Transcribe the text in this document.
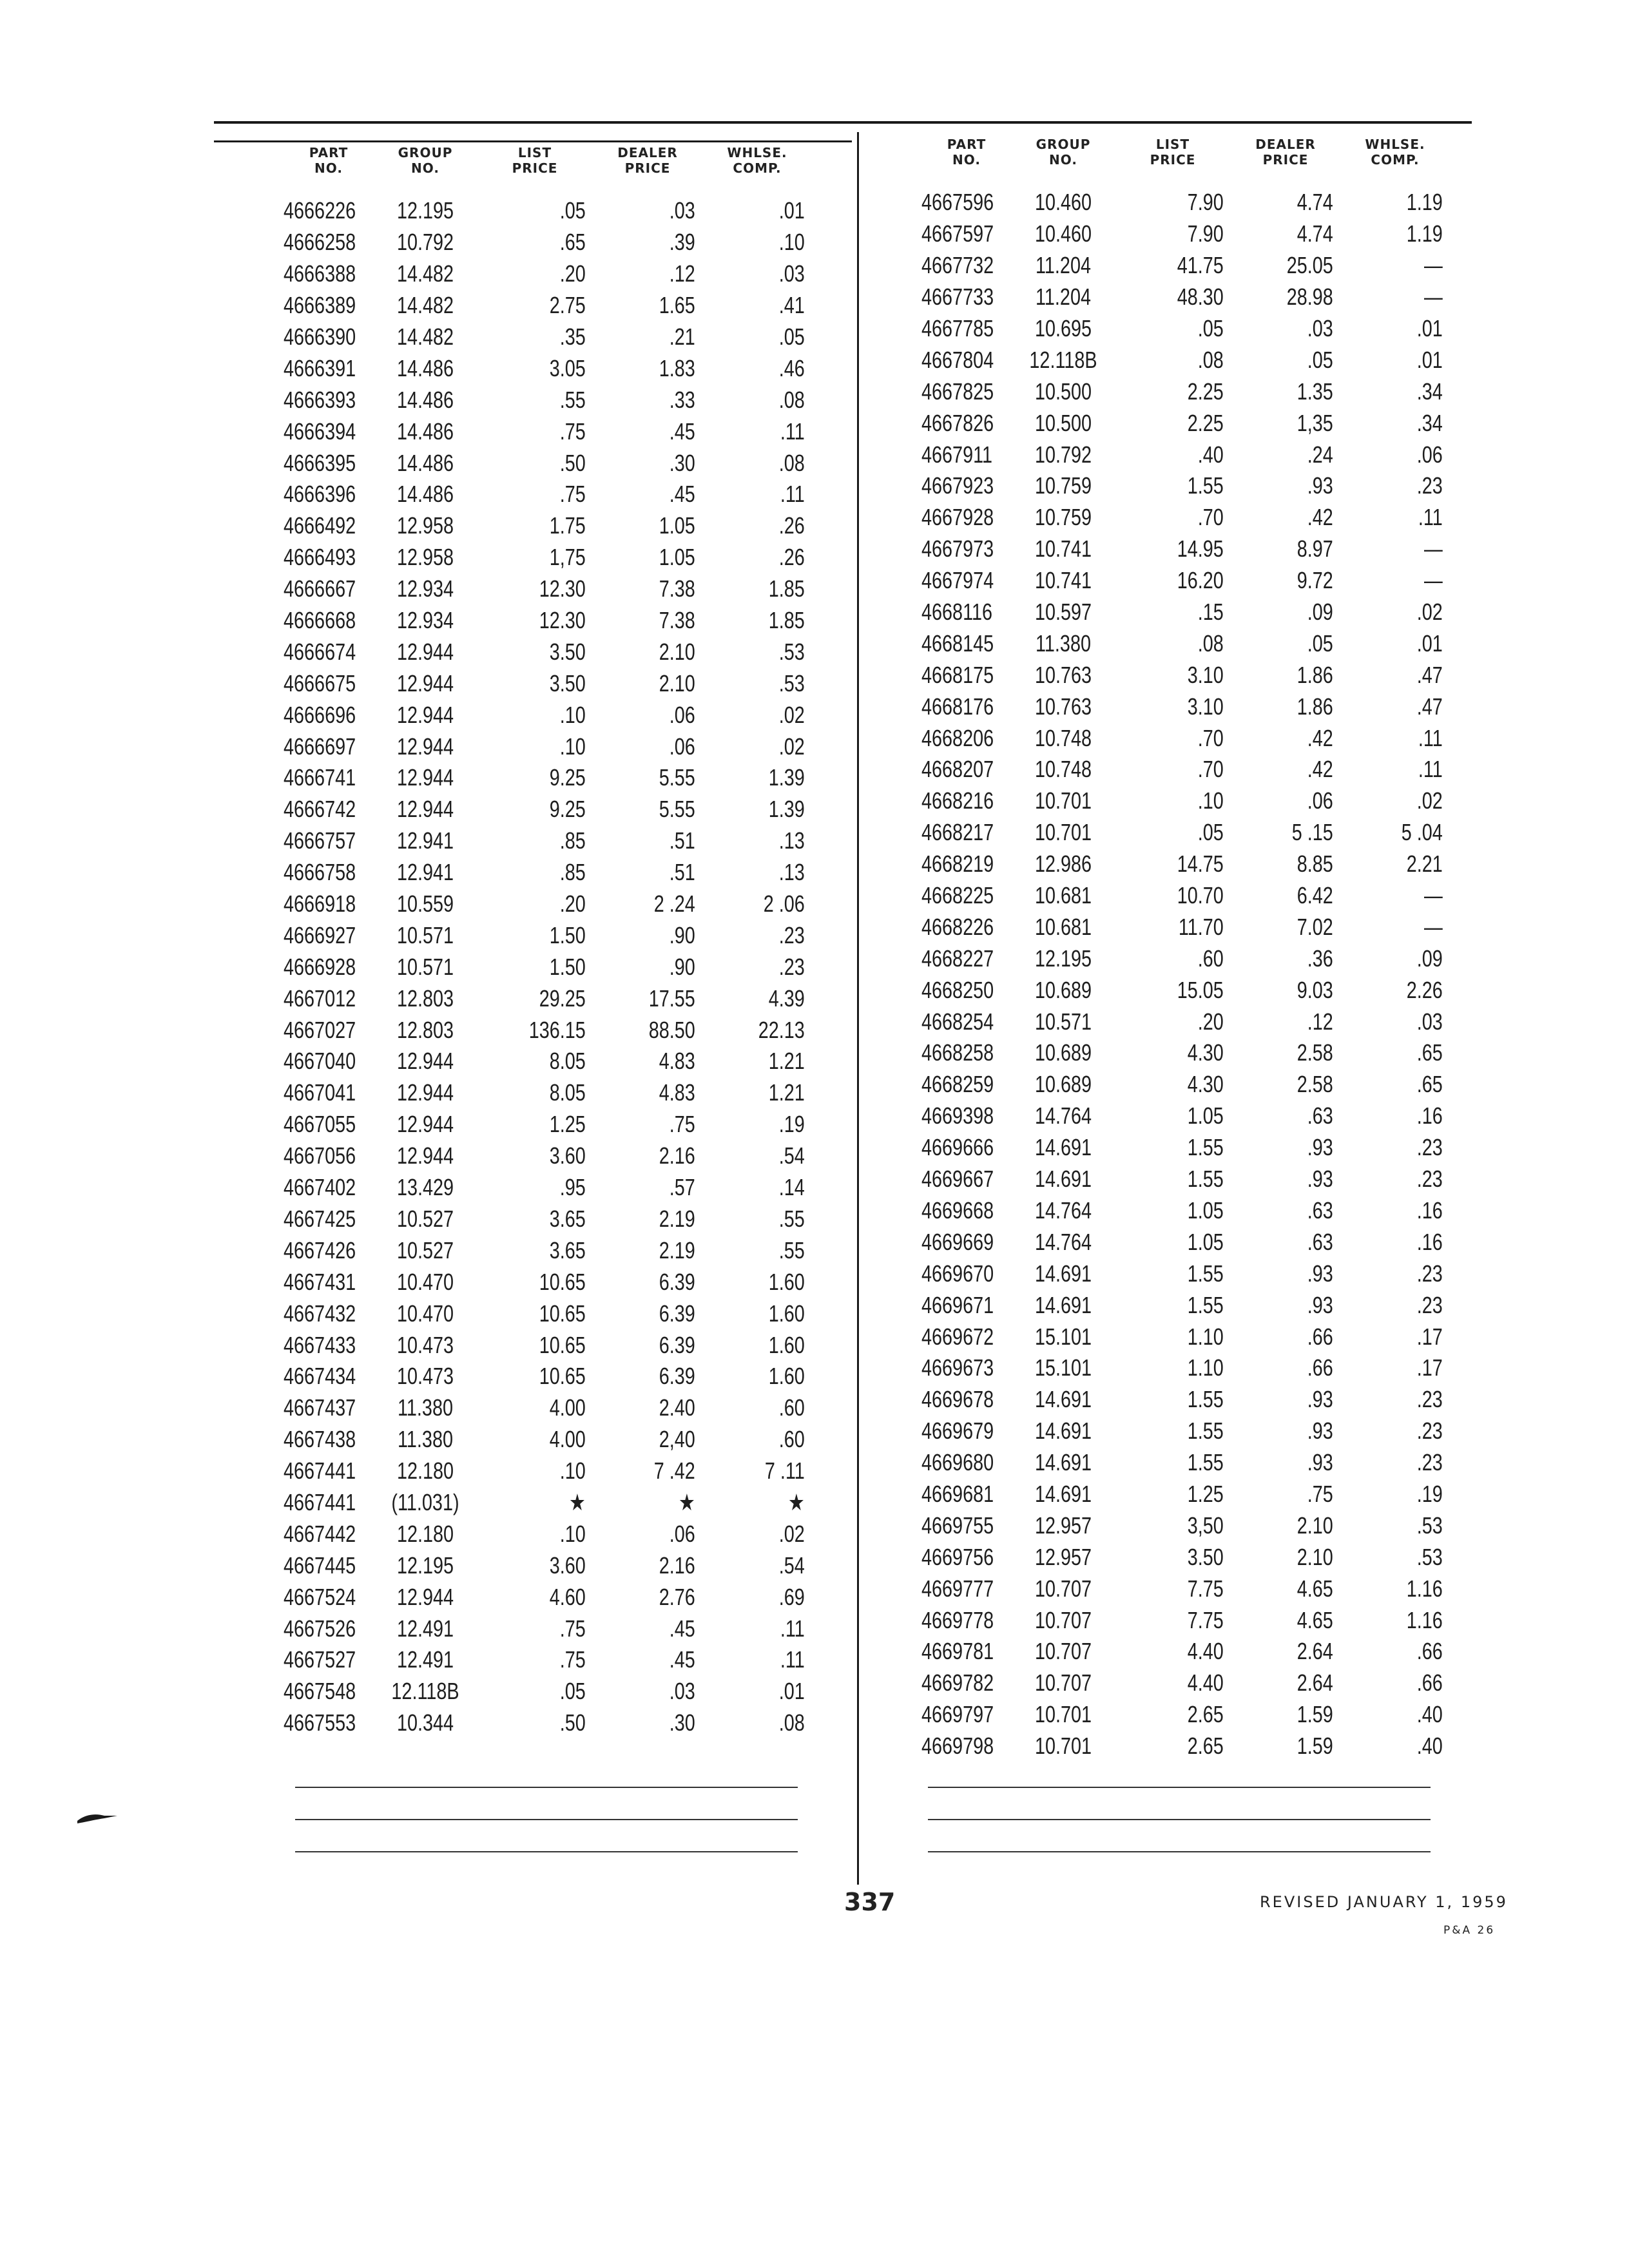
PART
NO.
GROUP
NO.
LIST
PRICE
DEALER
PRICE
WHLSE.
COMP.
4666226	12.195	.05	.03	.01
4666258	10.792	.65	.39	.10
4666388	14.482	.20	.12	.03
4666389	14.482	2.75	1.65	.41
4666390	14.482	.35	.21	.05
4666391	14.486	3.05	1.83	.46
4666393	14.486	.55	.33	.08
4666394	14.486	.75	.45	.11
4666395	14.486	.50	.30	.08
4666396	14.486	.75	.45	.11
4666492	12.958	1.75	1.05	.26
4666493	12.958	1,75	1.05	.26
4666667	12.934	12.30	7.38	1.85
4666668	12.934	12.30	7.38	1.85
4666674	12.944	3.50	2.10	.53
4666675	12.944	3.50	2.10	.53
4666696	12.944	.10	.06	.02
4666697	12.944	.10	.06	.02
4666741	12.944	9.25	5.55	1.39
4666742	12.944	9.25	5.55	1.39
4666757	12.941	.85	.51	.13
4666758	12.941	.85	.51	.13
4666918	10.559	.20	2 .24	2 .06
4666927	10.571	1.50	.90	.23
4666928	10.571	1.50	.90	.23
4667012	12.803	29.25	17.55	4.39
4667027	12.803	136.15	88.50	22.13
4667040	12.944	8.05	4.83	1.21
4667041	12.944	8.05	4.83	1.21
4667055	12.944	1.25	.75	.19
4667056	12.944	3.60	2.16	.54
4667402	13.429	.95	.57	.14
4667425	10.527	3.65	2.19	.55
4667426	10.527	3.65	2.19	.55
4667431	10.470	10.65	6.39	1.60
4667432	10.470	10.65	6.39	1.60
4667433	10.473	10.65	6.39	1.60
4667434	10.473	10.65	6.39	1.60
4667437	11.380	4.00	2.40	.60
4667438	11.380	4.00	2,40	.60
4667441	12.180	.10	7 .42	7 .11
4667441	(11.031)	★	★	★
4667442	12.180	.10	.06	.02
4667445	12.195	3.60	2.16	.54
4667524	12.944	4.60	2.76	.69
4667526	12.491	.75	.45	.11
4667527	12.491	.75	.45	.11
4667548	12.118B	.05	.03	.01
4667553	10.344	.50	.30	.08
PART
NO.
GROUP
NO.
LIST
PRICE
DEALER
PRICE
WHLSE.
COMP.
4667596	10.460	7.90	4.74	1.19
4667597	10.460	7.90	4.74	1.19
4667732	11.204	41.75	25.05	—
4667733	11.204	48.30	28.98	—
4667785	10.695	.05	.03	.01
4667804	12.118B	.08	.05	.01
4667825	10.500	2.25	1.35	.34
4667826	10.500	2.25	1,35	.34
4667911	10.792	.40	.24	.06
4667923	10.759	1.55	.93	.23
4667928	10.759	.70	.42	.11
4667973	10.741	14.95	8.97	—
4667974	10.741	16.20	9.72	—
4668116	10.597	.15	.09	.02
4668145	11.380	.08	.05	.01
4668175	10.763	3.10	1.86	.47
4668176	10.763	3.10	1.86	.47
4668206	10.748	.70	.42	.11
4668207	10.748	.70	.42	.11
4668216	10.701	.10	.06	.02
4668217	10.701	.05	5 .15	5 .04
4668219	12.986	14.75	8.85	2.21
4668225	10.681	10.70	6.42	—
4668226	10.681	11.70	7.02	—
4668227	12.195	.60	.36	.09
4668250	10.689	15.05	9.03	2.26
4668254	10.571	.20	.12	.03
4668258	10.689	4.30	2.58	.65
4668259	10.689	4.30	2.58	.65
4669398	14.764	1.05	.63	.16
4669666	14.691	1.55	.93	.23
4669667	14.691	1.55	.93	.23
4669668	14.764	1.05	.63	.16
4669669	14.764	1.05	.63	.16
4669670	14.691	1.55	.93	.23
4669671	14.691	1.55	.93	.23
4669672	15.101	1.10	.66	.17
4669673	15.101	1.10	.66	.17
4669678	14.691	1.55	.93	.23
4669679	14.691	1.55	.93	.23
4669680	14.691	1.55	.93	.23
4669681	14.691	1.25	.75	.19
4669755	12.957	3,50	2.10	.53
4669756	12.957	3.50	2.10	.53
4669777	10.707	7.75	4.65	1.16
4669778	10.707	7.75	4.65	1.16
4669781	10.707	4.40	2.64	.66
4669782	10.707	4.40	2.64	.66
4669797	10.701	2.65	1.59	.40
4669798	10.701	2.65	1.59	.40
337	REVISED JANUARY 1, 1959
P&A 26
